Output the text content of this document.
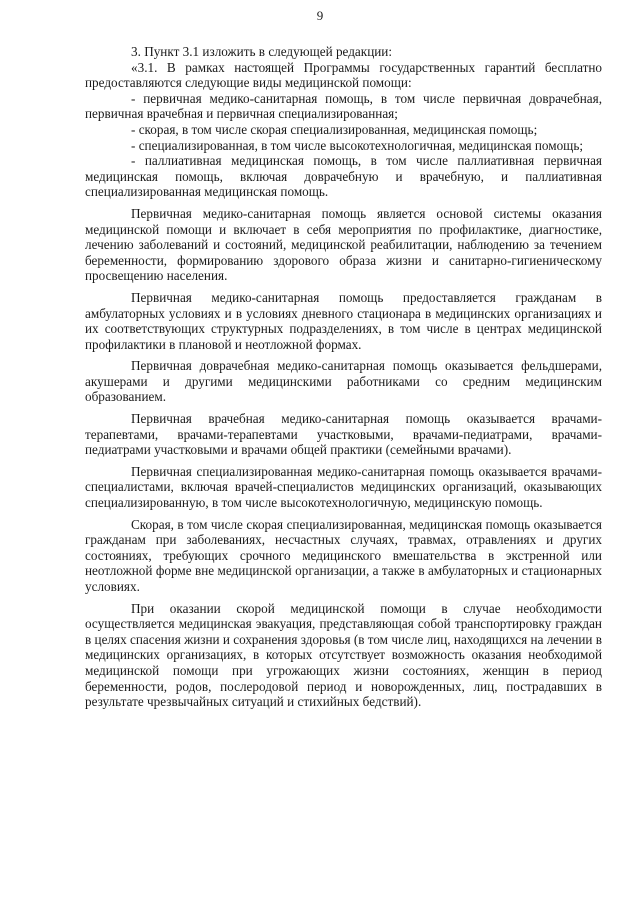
9

3. Пункт 3.1 изложить в следующей редакции:

«3.1. В рамках настоящей Программы государственных гарантий бесплатно предоставляются следующие виды медицинской помощи:

- первичная медико-санитарная помощь, в том числе первичная доврачебная, первичная врачебная и первичная специализированная;

- скорая, в том числе скорая специализированная, медицинская помощь;

- специализированная, в том числе высокотехнологичная, медицинская помощь;

- паллиативная медицинская помощь, в том числе паллиативная первичная медицинская помощь, включая доврачебную и врачебную, и паллиативная специализированная медицинская помощь.

Первичная медико-санитарная помощь является основой системы оказания медицинской помощи и включает в себя мероприятия по профилактике, диагностике, лечению заболеваний и состояний, медицинской реабилитации, наблюдению за течением беременности, формированию здорового образа жизни и санитарно-гигиеническому просвещению населения.

Первичная медико-санитарная помощь предоставляется гражданам в амбулаторных условиях и в условиях дневного стационара в медицинских организациях и их соответствующих структурных подразделениях, в том числе в центрах медицинской профилактики в плановой и неотложной формах.

Первичная доврачебная медико-санитарная помощь оказывается фельдшерами, акушерами и другими медицинскими работниками со средним медицинским образованием.

Первичная врачебная медико-санитарная помощь оказывается врачами-терапевтами, врачами-терапевтами участковыми, врачами-педиатрами, врачами-педиатрами участковыми и врачами общей практики (семейными врачами).

Первичная специализированная медико-санитарная помощь оказывается врачами-специалистами, включая врачей-специалистов медицинских организаций, оказывающих специализированную, в том числе высокотехнологичную, медицинскую помощь.

Скорая, в том числе скорая специализированная, медицинская помощь оказывается гражданам при заболеваниях, несчастных случаях, травмах, отравлениях и других состояниях, требующих срочного медицинского вмешательства в экстренной или неотложной форме вне медицинской организации, а также в амбулаторных и стационарных условиях.

При оказании скорой медицинской помощи в случае необходимости осуществляется медицинская эвакуация, представляющая собой транспортировку граждан в целях спасения жизни и сохранения здоровья (в том числе лиц, находящихся на лечении в медицинских организациях, в которых отсутствует возможность оказания необходимой медицинской помощи при угрожающих жизни состояниях, женщин в период беременности, родов, послеродовой период и новорожденных, лиц, пострадавших в результате чрезвычайных ситуаций и стихийных бедствий).
